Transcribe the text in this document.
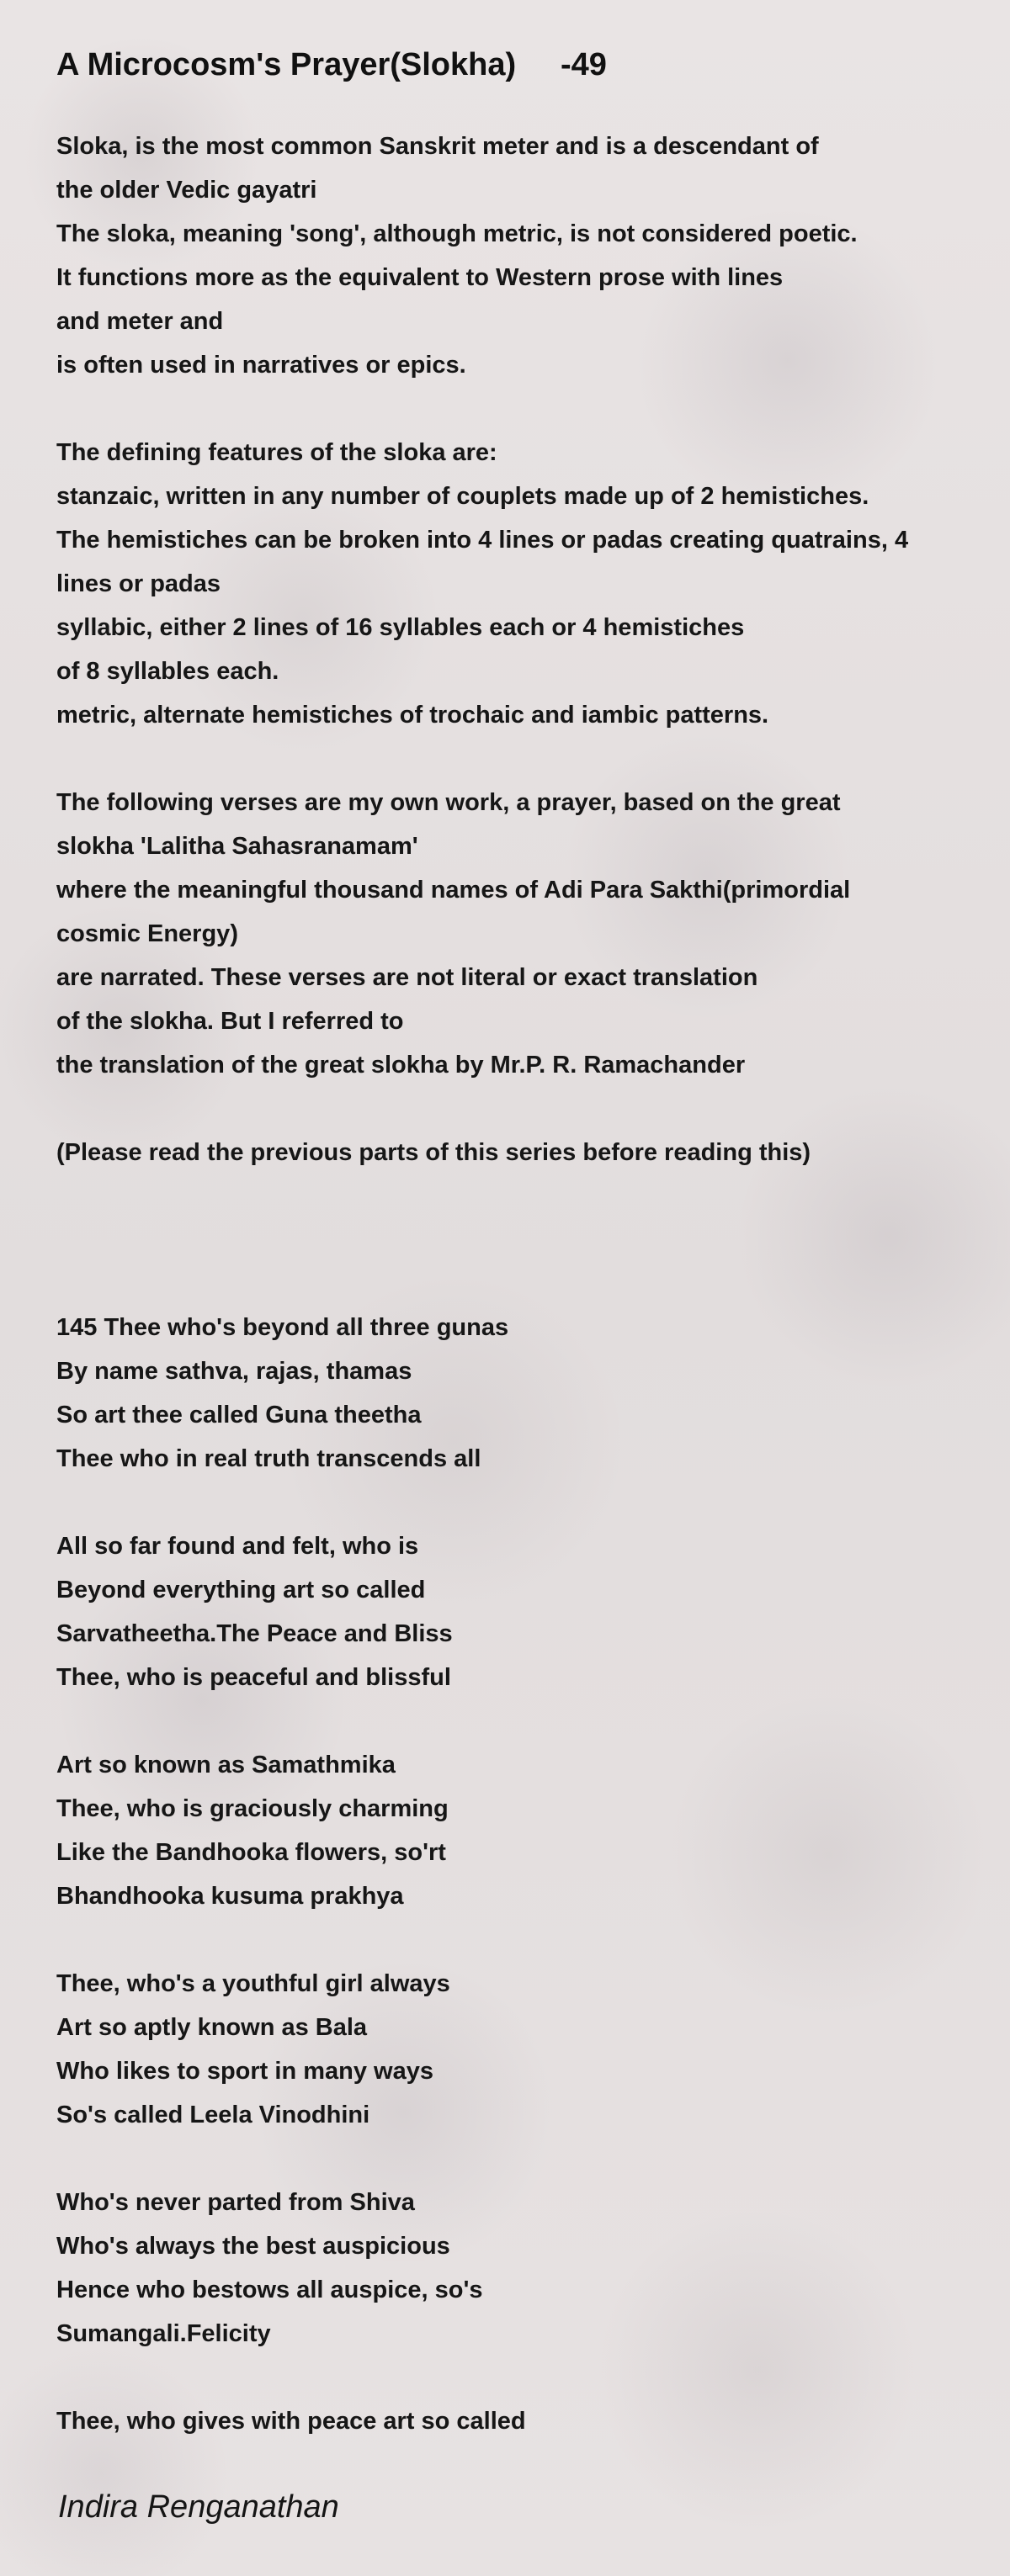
A Microcosm's Prayer(Slokha)     -49
Sloka, is the most common Sanskrit meter and is a descendant of
the older Vedic gayatri
The sloka, meaning 'song', although metric, is not considered poetic.
It functions more as the equivalent to Western prose with lines
and meter and
is often used in narratives or epics.
The defining features of the sloka are:
stanzaic, written in any number of couplets made up of 2 hemistiches.
The hemistiches can be broken into 4 lines or padas creating quatrains, 4
lines or padas
syllabic, either 2 lines of 16 syllables each or 4 hemistiches
of 8 syllables each.
metric, alternate hemistiches of trochaic and iambic patterns.
The following verses are my own work, a prayer, based on the great
slokha 'Lalitha Sahasranamam'
where the meaningful thousand names of Adi Para Sakthi(primordial
cosmic Energy)
are narrated. These verses are not literal or exact translation
of the slokha. But I referred to
the translation of the great slokha by Mr.P. R. Ramachander
(Please read the previous parts of this series before reading this)
145 Thee who's beyond all three gunas
By name sathva, rajas, thamas
So art thee called Guna theetha
Thee who in real truth transcends all
All so far found and felt, who is
Beyond everything art so called
Sarvatheetha.The Peace and Bliss
Thee, who is peaceful and blissful
Art so known as Samathmika
Thee, who is graciously charming
Like the Bandhooka flowers, so'rt
Bhandhooka kusuma prakhya
Thee, who's a youthful girl always
Art so aptly known as Bala
Who likes to sport in many ways
So's called Leela Vinodhini
Who's never parted from Shiva
Who's always the best auspicious
Hence who bestows all auspice, so's
Sumangali.Felicity
Thee, who gives with peace art so called
Indira Renganathan
